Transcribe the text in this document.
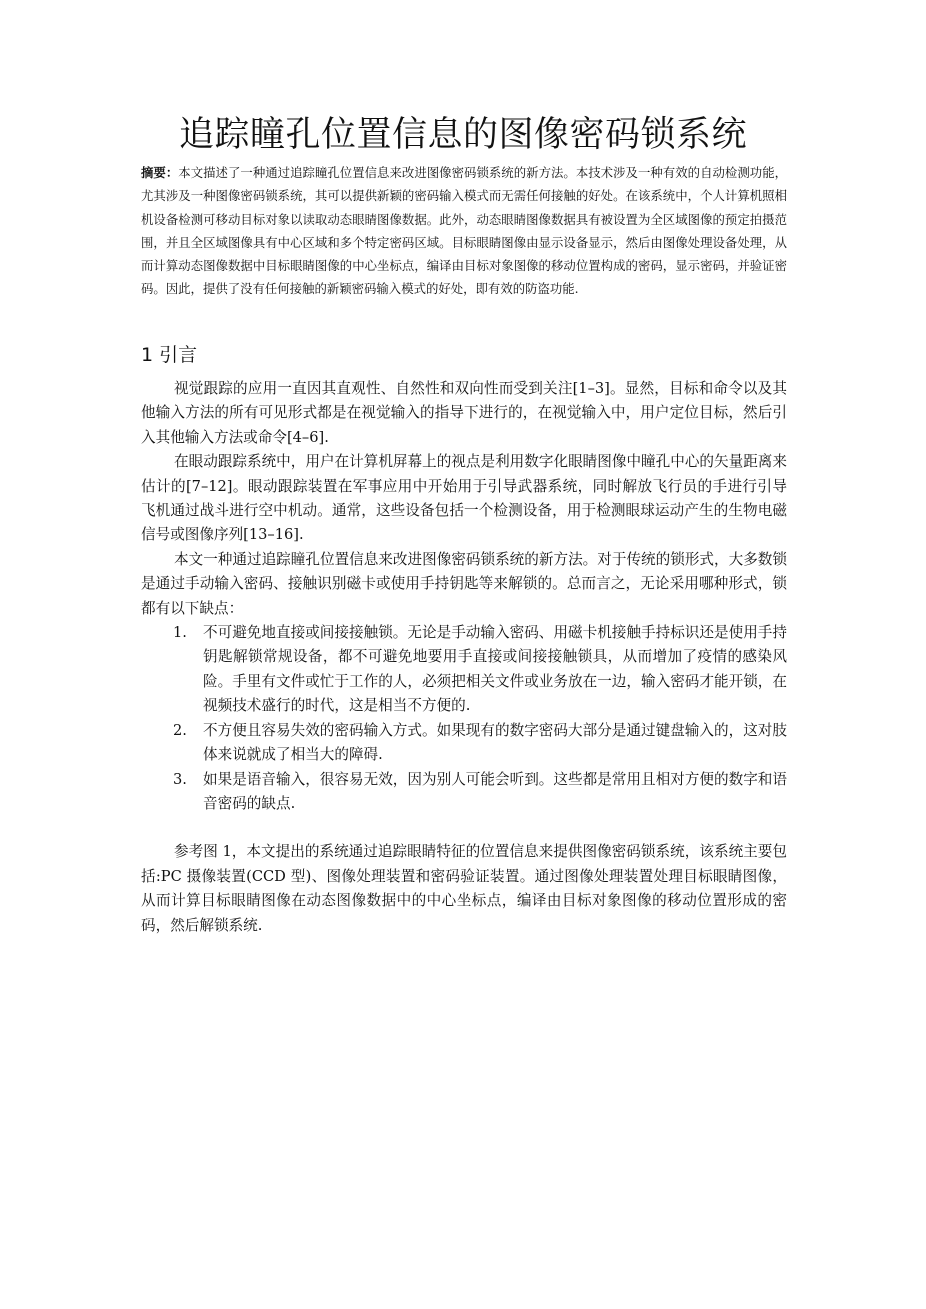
追踪瞳孔位置信息的图像密码锁系统

摘要：本文描述了一种通过追踪瞳孔位置信息来改进图像密码锁系统的新方法。本技术涉及一种有效的自动检测功能，尤其涉及一种图像密码锁系统，其可以提供新颖的密码输入模式而无需任何接触的好处。在该系统中，个人计算机照相机设备检测可移动目标对象以读取动态眼睛图像数据。此外，动态眼睛图像数据具有被设置为全区域图像的预定拍摄范围，并且全区域图像具有中心区域和多个特定密码区域。目标眼睛图像由显示设备显示，然后由图像处理设备处理，从而计算动态图像数据中目标眼睛图像的中心坐标点，编译由目标对象图像的移动位置构成的密码，显示密码，并验证密码。因此，提供了没有任何接触的新颖密码输入模式的好处，即有效的防盗功能.

1 引言

视觉跟踪的应用一直因其直观性、自然性和双向性而受到关注[1–3]。显然，目标和命令以及其他输入方法的所有可见形式都是在视觉输入的指导下进行的，在视觉输入中，用户定位目标，然后引入其他输入方法或命令[4–6].

在眼动跟踪系统中，用户在计算机屏幕上的视点是利用数字化眼睛图像中瞳孔中心的矢量距离来估计的[7–12]。眼动跟踪装置在军事应用中开始用于引导武器系统，同时解放飞行员的手进行引导 飞机通过战斗进行空中机动。通常，这些设备包括一个检测设备，用于检测眼球运动产生的生物电磁信号或图像序列[13–16].

本文一种通过追踪瞳孔位置信息来改进图像密码锁系统的新方法。对于传统的锁形式，大多数锁是通过手动输入密码、接触识别磁卡或使用手持钥匙等来解锁的。总而言之，无论采用哪种形式，锁都有以下缺点：

1. 不可避免地直接或间接接触锁。无论是手动输入密码、用磁卡机接触手持标识还是使用手持钥匙解锁常规设备，都不可避免地要用手直接或间接接触锁具，从而增加了疫情的感染风险。手里有文件或忙于工作的人，必须把相关文件或业务放在一边，输入密码才能开锁，在视频技术盛行的时代，这是相当不方便的.
2. 不方便且容易失效的密码输入方式。如果现有的数字密码大部分是通过键盘输入的，这对肢体来说就成了相当大的障碍.
3. 如果是语音输入，很容易无效，因为别人可能会听到。这些都是常用且相对方便的数字和语音密码的缺点.

参考图 1，本文提出的系统通过追踪眼睛特征的位置信息来提供图像密码锁系统，该系统主要包括:PC 摄像装置(CCD 型)、图像处理装置和密码验证装置。通过图像处理装置处理目标眼睛图像，从而计算目标眼睛图像在动态图像数据中的中心坐标点，编译由目标对象图像的移动位置形成的密码，然后解锁系统.
